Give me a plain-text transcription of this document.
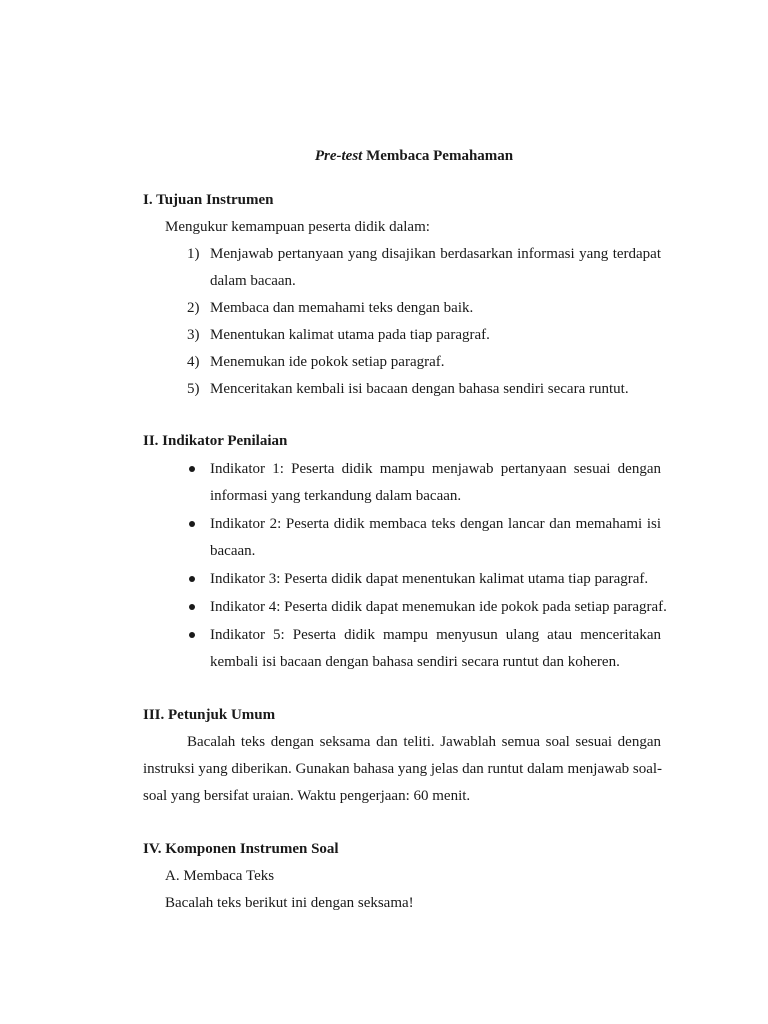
Pre-test Membaca Pemahaman
I. Tujuan Instrumen
Mengukur kemampuan peserta didik dalam:
1) Menjawab pertanyaan yang disajikan berdasarkan informasi yang terdapat
dalam bacaan.
2) Membaca dan memahami teks dengan baik.
3) Menentukan kalimat utama pada tiap paragraf.
4) Menemukan ide pokok setiap paragraf.
5) Menceritakan kembali isi bacaan dengan bahasa sendiri secara runtut.
II. Indikator Penilaian
Indikator 1: Peserta didik mampu menjawab pertanyaan sesuai dengan
informasi yang terkandung dalam bacaan.
Indikator 2: Peserta didik membaca teks dengan lancar dan memahami isi
bacaan.
Indikator 3: Peserta didik dapat menentukan kalimat utama tiap paragraf.
Indikator 4: Peserta didik dapat menemukan ide pokok pada setiap paragraf.
Indikator 5: Peserta didik mampu menyusun ulang atau menceritakan
kembali isi bacaan dengan bahasa sendiri secara runtut dan koheren.
III. Petunjuk Umum
Bacalah teks dengan seksama dan teliti. Jawablah semua soal sesuai dengan
instruksi yang diberikan. Gunakan bahasa yang jelas dan runtut dalam menjawab soal-
soal yang bersifat uraian. Waktu pengerjaan: 60 menit.
IV. Komponen Instrumen Soal
A. Membaca Teks
Bacalah teks berikut ini dengan seksama!
